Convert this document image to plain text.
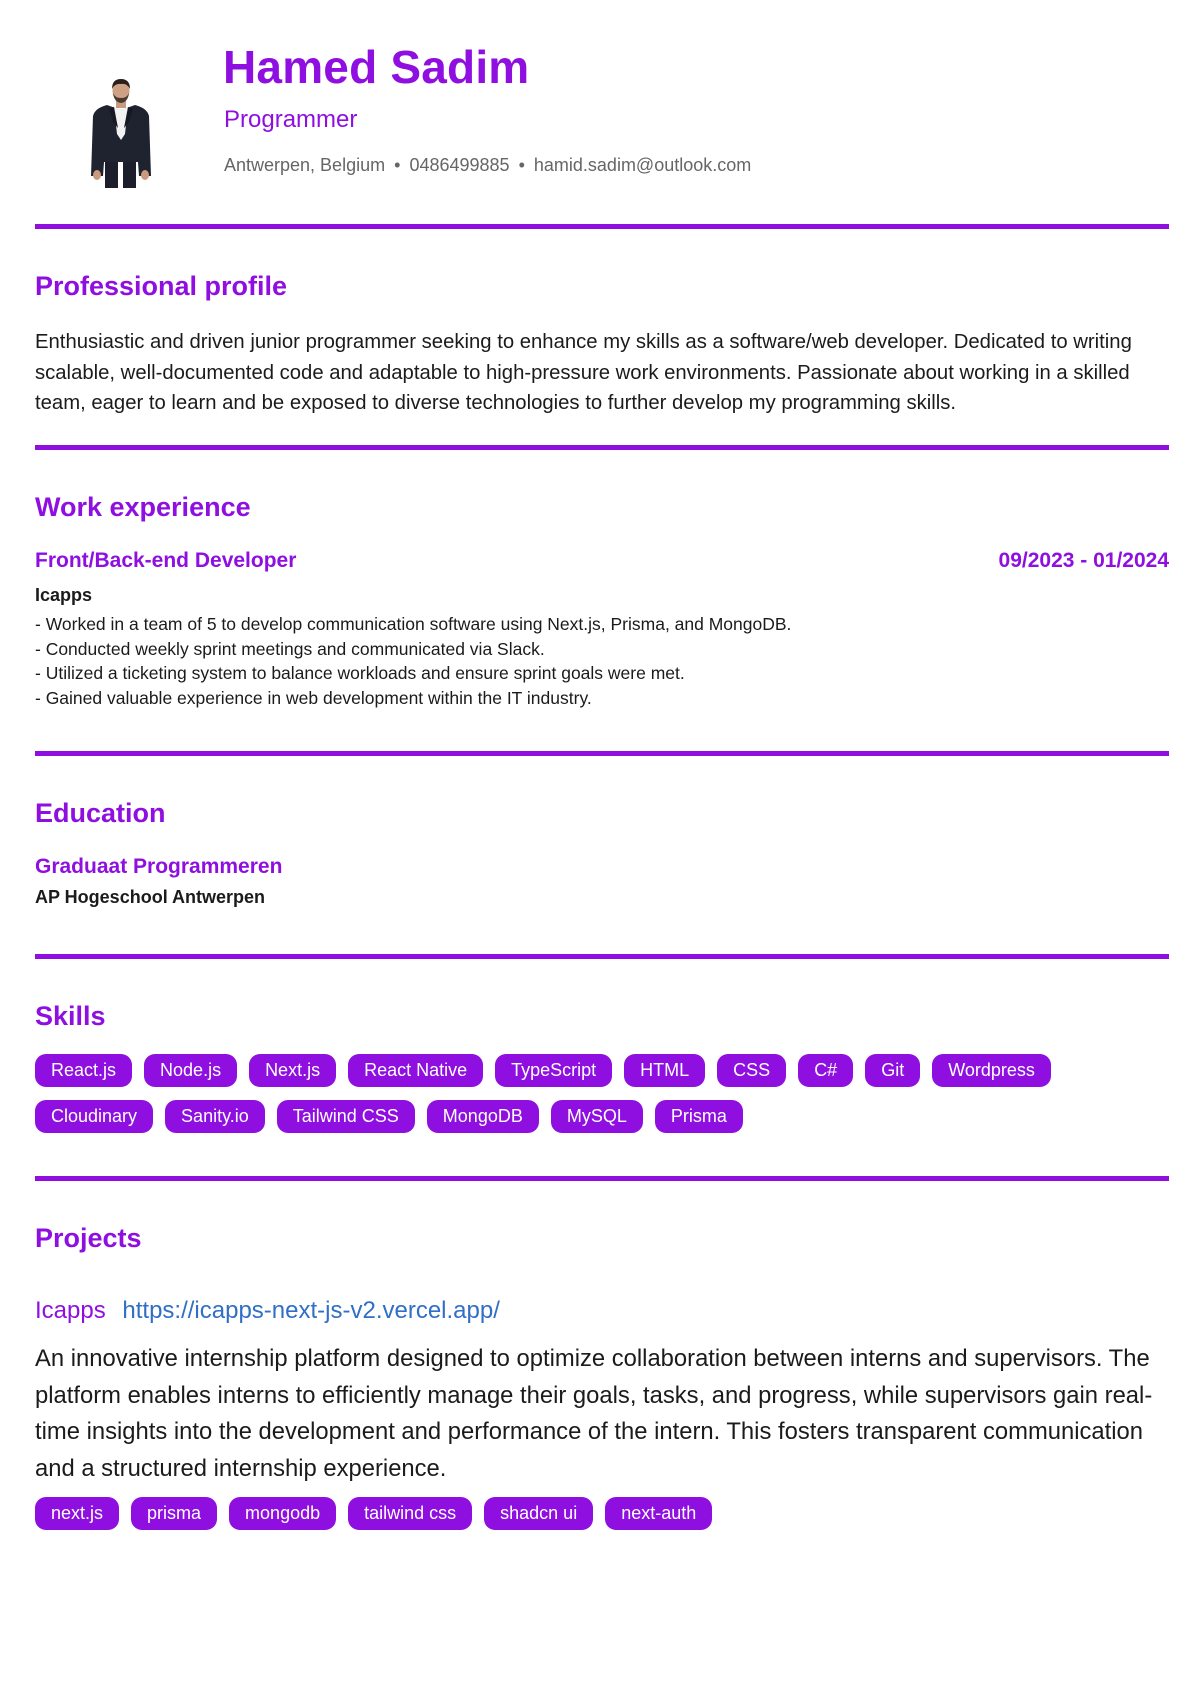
Hamed Sadim
Programmer
Antwerpen, Belgium • 0486499885 • hamid.sadim@outlook.com
Professional profile

Enthusiastic and driven junior programmer seeking to enhance my skills as a software/web developer. Dedicated to writing scalable, well-documented code and adaptable to high-pressure work environments. Passionate about working in a skilled team, eager to learn and be exposed to diverse technologies to further develop my programming skills.

Work experience
Front/Back-end Developer	09/2023 - 01/2024
Icapps
- Worked in a team of 5 to develop communication software using Next.js, Prisma, and MongoDB.
- Conducted weekly sprint meetings and communicated via Slack.
- Utilized a ticketing system to balance workloads and ensure sprint goals were met.
- Gained valuable experience in web development within the IT industry.
Education
Graduaat Programmeren
AP Hogeschool Antwerpen
Skills
React.js	Node.js	Next.js	React Native	TypeScript	HTML	CSS	C#	Git	Wordpress
Cloudinary	Sanity.io	Tailwind CSS	MongoDB	MySQL	Prisma
Projects
Icapps https://icapps-next-js-v2.vercel.app/

An innovative internship platform designed to optimize collaboration between interns and supervisors. The platform enables interns to efficiently manage their goals, tasks, and progress, while supervisors gain real-time insights into the development and performance of the intern. This fosters transparent communication and a structured internship experience.

next.js	prisma	mongodb	tailwind css	shadcn ui	next-auth
